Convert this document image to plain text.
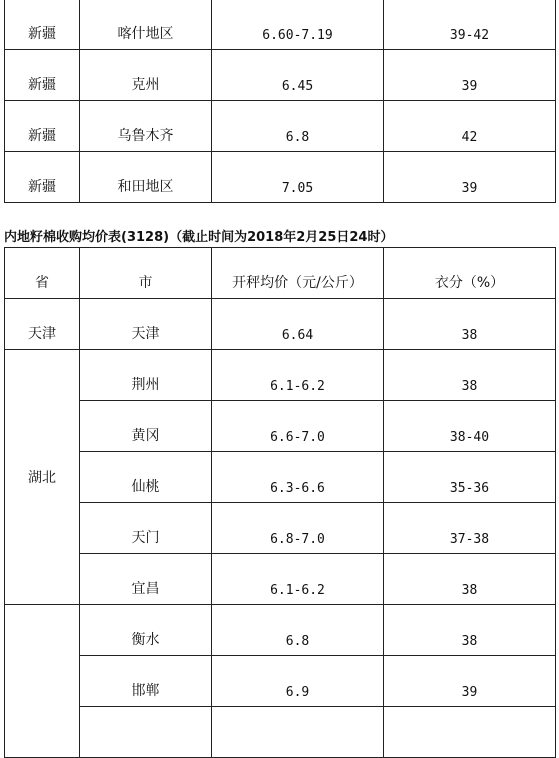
新疆	喀什地区	6.60-7.19	39-42

新疆	克州	6.45	39

新疆	乌鲁木齐	6.8	42

新疆	和田地区	7.05	39
内地籽棉收购均价表(3128)（截止时间为2018年2月25日24时）
省	市	开秤均价（元/公斤）	衣分（%）

天津	天津	6.64	38

湖北	荆州	6.1-6.2	38

	黄冈	6.6-7.0	38-40

	仙桃	6.3-6.6	35-36

	天门	6.8-7.0	37-38

	宜昌	6.1-6.2	38

	衡水	6.8	38

	邯郸	6.9	39
